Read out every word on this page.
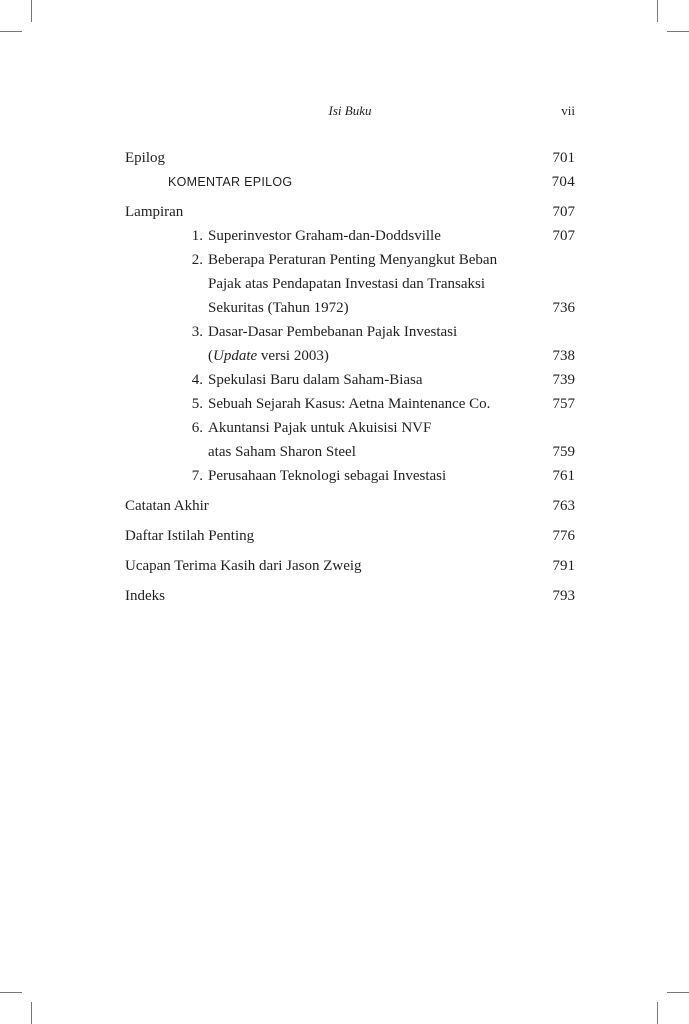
Isi Buku	vii
Epilog	701
KOMENTAR EPILOG	704
Lampiran	707
1. Superinvestor Graham-dan-Doddsville	707
2. Beberapa Peraturan Penting Menyangkut Beban
Pajak atas Pendapatan Investasi dan Transaksi
Sekuritas (Tahun 1972)	736
3. Dasar-Dasar Pembebanan Pajak Investasi
(Update versi 2003)	738
4. Spekulasi Baru dalam Saham-Biasa	739
5. Sebuah Sejarah Kasus: Aetna Maintenance Co.	757
6. Akuntansi Pajak untuk Akuisisi NVF
atas Saham Sharon Steel	759
7. Perusahaan Teknologi sebagai Investasi	761
Catatan Akhir	763
Daftar Istilah Penting	776
Ucapan Terima Kasih dari Jason Zweig	791
Indeks	793
